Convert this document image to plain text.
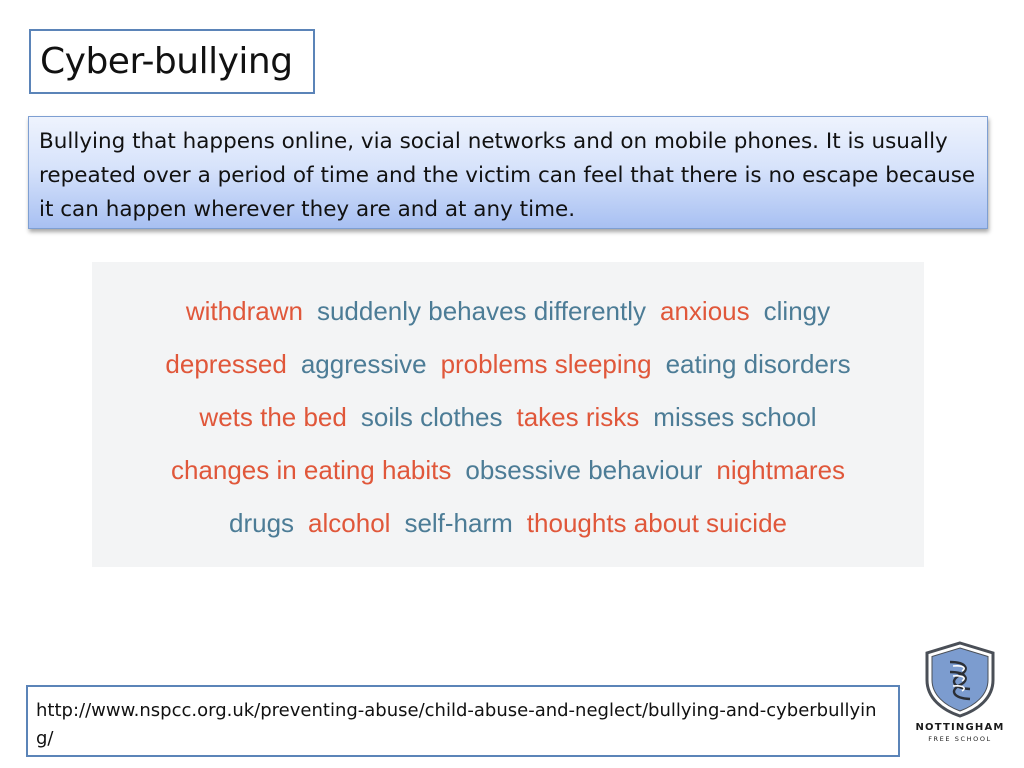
Cyber-bullying

Bullying that happens online, via social networks and on mobile phones. It is usually repeated over a period of time and the victim can feel that there is no escape because it can happen wherever they are and at any time.

withdrawn suddenly behaves differently anxious clingy
depressed aggressive problems sleeping eating disorders
wets the bed soils clothes takes risks misses school
changes in eating habits obsessive behaviour nightmares
drugs alcohol self-harm thoughts about suicide

http://www.nspcc.org.uk/preventing-abuse/child-abuse-and-neglect/bullying-and-cyberbullying/

NOTTINGHAM
FREE SCHOOL
